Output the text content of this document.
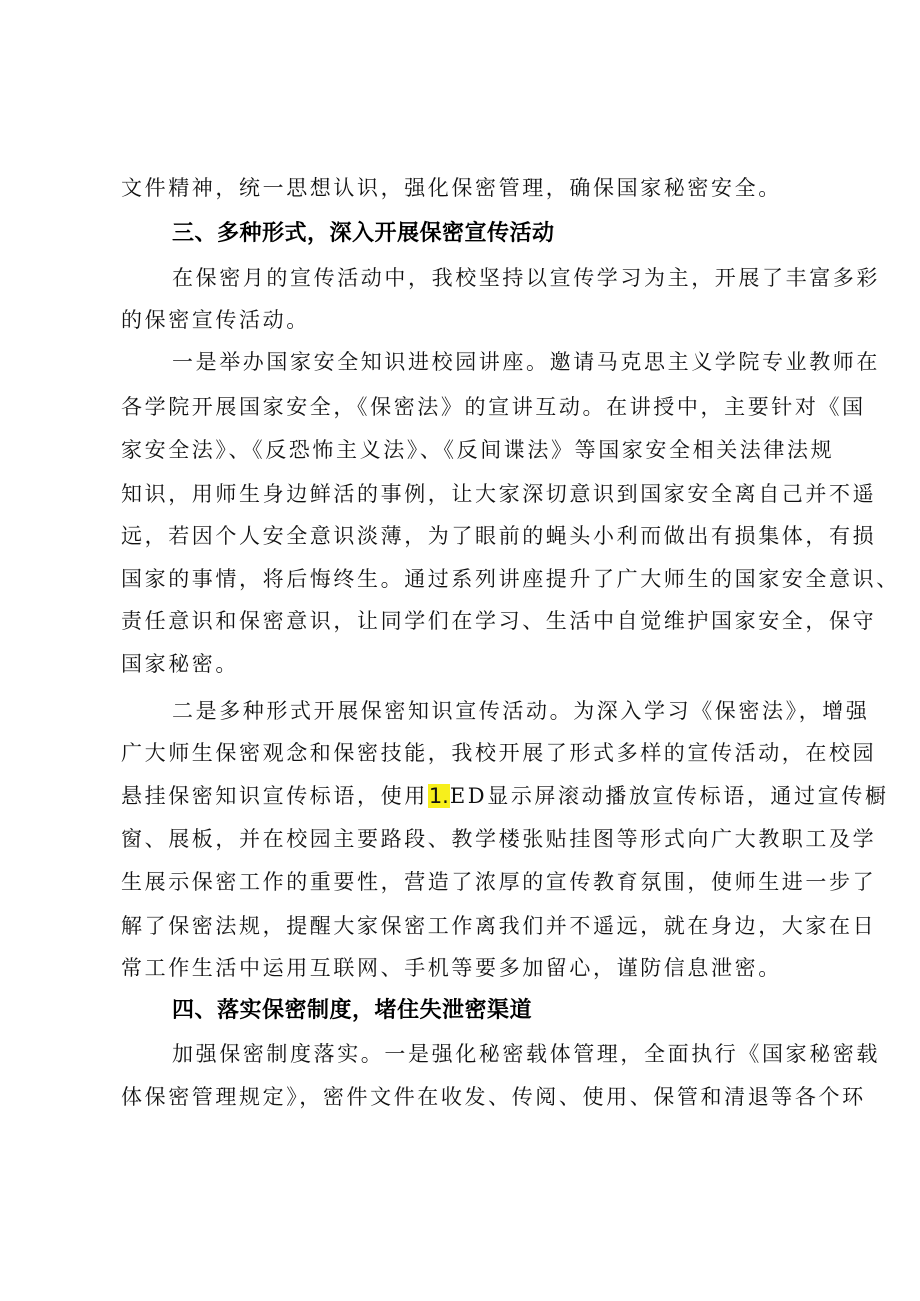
文件精神，统一思想认识，强化保密管理，确保国家秘密安全。
三、多种形式，深入开展保密宣传活动
在保密月的宣传活动中，我校坚持以宣传学习为主，开展了丰富多彩
的保密宣传活动。
一是举办国家安全知识进校园讲座。邀请马克思主义学院专业教师在
各学院开展国家安全，《保密法》的宣讲互动。在讲授中，主要针对《国
家安全法》、《反恐怖主义法》、《反间谍法》等国家安全相关法律法规
知识，用师生身边鲜活的事例，让大家深切意识到国家安全离自己并不遥
远，若因个人安全意识淡薄，为了眼前的蝇头小利而做出有损集体，有损
国家的事情，将后悔终生。通过系列讲座提升了广大师生的国家安全意识、
责任意识和保密意识，让同学们在学习、生活中自觉维护国家安全，保守
国家秘密。
二是多种形式开展保密知识宣传活动。为深入学习《保密法》，增强
广大师生保密观念和保密技能，我校开展了形式多样的宣传活动，在校园
悬挂保密知识宣传标语，使用1.ED显示屏滚动播放宣传标语，通过宣传橱
窗、展板，并在校园主要路段、教学楼张贴挂图等形式向广大教职工及学
生展示保密工作的重要性，营造了浓厚的宣传教育氛围，使师生进一步了
解了保密法规，提醒大家保密工作离我们并不遥远，就在身边，大家在日
常工作生活中运用互联网、手机等要多加留心，谨防信息泄密。
四、落实保密制度，堵住失泄密渠道
加强保密制度落实。一是强化秘密载体管理，全面执行《国家秘密载
体保密管理规定》，密件文件在收发、传阅、使用、保管和清退等各个环
